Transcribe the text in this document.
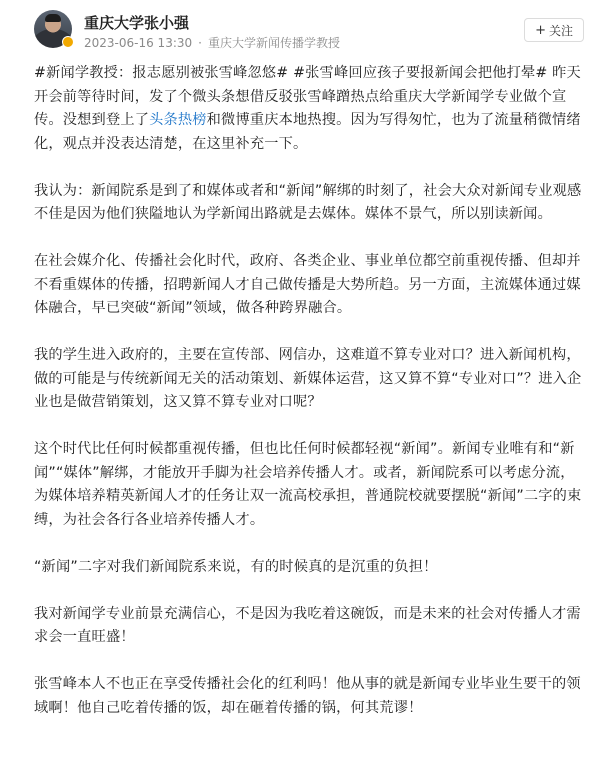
重庆大学张小强
2023-06-16 13:30 · 重庆大学新闻传播学教授
+ 关注

#新闻学教授：报志愿别被张雪峰忽悠# #张雪峰回应孩子要报新闻会把他打晕# 昨天开会前等待时间，发了个微头条想借反驳张雪峰蹭热点给重庆大学新闻学专业做个宣传。没想到登上了头条热榜和微博重庆本地热搜。因为写得匆忙，也为了流量稍微情绪化，观点并没表达清楚，在这里补充一下。

我认为：新闻院系是到了和媒体或者和“新闻”解绑的时刻了，社会大众对新闻专业观感不佳是因为他们狭隘地认为学新闻出路就是去媒体。媒体不景气，所以别读新闻。

在社会媒介化、传播社会化时代，政府、各类企业、事业单位都空前重视传播、但却并不看重媒体的传播，招聘新闻人才自己做传播是大势所趋。另一方面，主流媒体通过媒体融合，早已突破“新闻”领域，做各种跨界融合。

我的学生进入政府的，主要在宣传部、网信办，这难道不算专业对口？进入新闻机构，做的可能是与传统新闻无关的活动策划、新媒体运营，这又算不算“专业对口”？进入企业也是做营销策划，这又算不算专业对口呢？

这个时代比任何时候都重视传播，但也比任何时候都轻视“新闻”。新闻专业唯有和“新闻”“媒体”解绑，才能放开手脚为社会培养传播人才。或者，新闻院系可以考虑分流，为媒体培养精英新闻人才的任务让双一流高校承担，普通院校就要摆脱“新闻”二字的束缚，为社会各行各业培养传播人才。

“新闻”二字对我们新闻院系来说，有的时候真的是沉重的负担！

我对新闻学专业前景充满信心，不是因为我吃着这碗饭，而是未来的社会对传播人才需求会一直旺盛！

张雪峰本人不也正在享受传播社会化的红利吗！他从事的就是新闻专业毕业生要干的领域啊！他自己吃着传播的饭，却在砸着传播的锅，何其荒谬！
